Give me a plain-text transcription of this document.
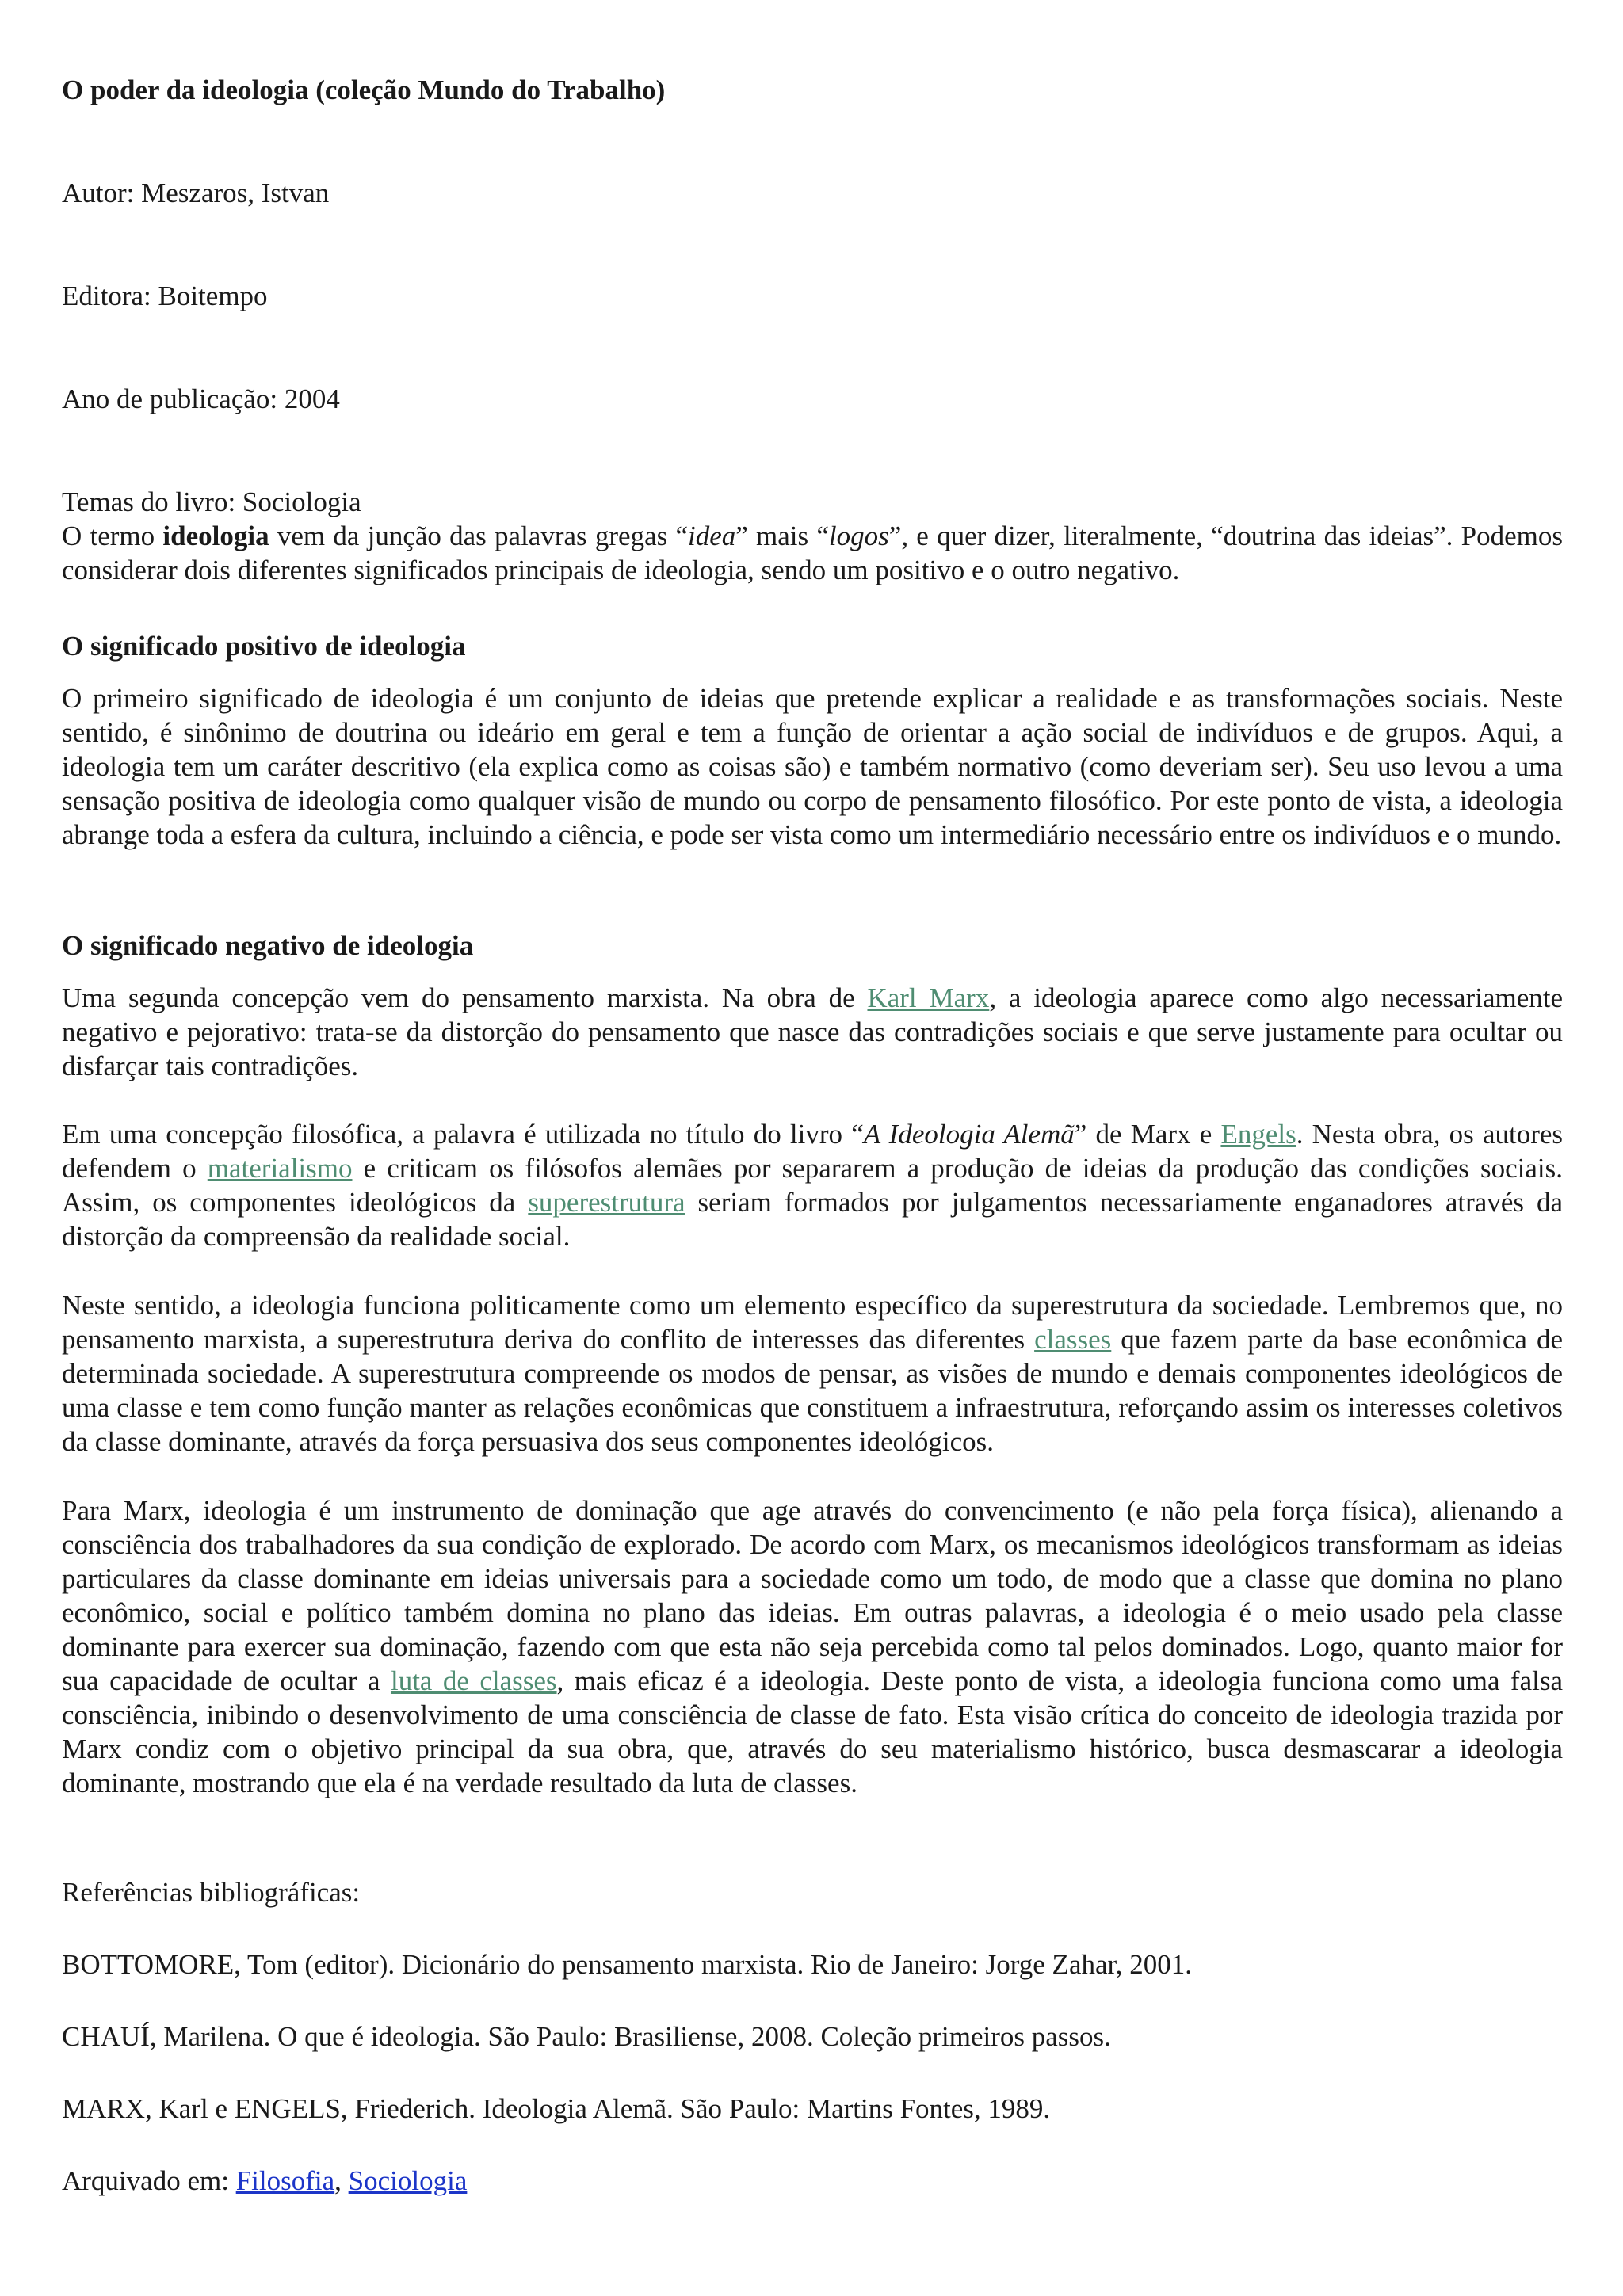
O poder da ideologia (coleção Mundo do Trabalho)

Autor: Meszaros, Istvan

Editora: Boitempo

Ano de publicação: 2004

Temas do livro: Sociologia

O termo ideologia vem da junção das palavras gregas “idea” mais “logos”, e quer dizer, literalmente, “doutrina das ideias”. Podemos considerar dois diferentes significados principais de ideologia, sendo um positivo e o outro negativo.

O significado positivo de ideologia

O primeiro significado de ideologia é um conjunto de ideias que pretende explicar a realidade e as transformações sociais. Neste sentido, é sinônimo de doutrina ou ideário em geral e tem a função de orientar a ação social de indivíduos e de grupos. Aqui, a ideologia tem um caráter descritivo (ela explica como as coisas são) e também normativo (como deveriam ser). Seu uso levou a uma sensação positiva de ideologia como qualquer visão de mundo ou corpo de pensamento filosófico. Por este ponto de vista, a ideologia abrange toda a esfera da cultura, incluindo a ciência, e pode ser vista como um intermediário necessário entre os indivíduos e o mundo.

O significado negativo de ideologia

Uma segunda concepção vem do pensamento marxista. Na obra de Karl Marx, a ideologia aparece como algo necessariamente negativo e pejorativo: trata-se da distorção do pensamento que nasce das contradições sociais e que serve justamente para ocultar ou disfarçar tais contradições.

Em uma concepção filosófica, a palavra é utilizada no título do livro “A Ideologia Alemã” de Marx e Engels. Nesta obra, os autores defendem o materialismo e criticam os filósofos alemães por separarem a produção de ideias da produção das condições sociais. Assim, os componentes ideológicos da superestrutura seriam formados por julgamentos necessariamente enganadores através da distorção da compreensão da realidade social.

Neste sentido, a ideologia funciona politicamente como um elemento específico da superestrutura da sociedade. Lembremos que, no pensamento marxista, a superestrutura deriva do conflito de interesses das diferentes classes que fazem parte da base econômica de determinada sociedade. A superestrutura compreende os modos de pensar, as visões de mundo e demais componentes ideológicos de uma classe e tem como função manter as relações econômicas que constituem a infraestrutura, reforçando assim os interesses coletivos da classe dominante, através da força persuasiva dos seus componentes ideológicos.

Para Marx, ideologia é um instrumento de dominação que age através do convencimento (e não pela força física), alienando a consciência dos trabalhadores da sua condição de explorado. De acordo com Marx, os mecanismos ideológicos transformam as ideias particulares da classe dominante em ideias universais para a sociedade como um todo, de modo que a classe que domina no plano econômico, social e político também domina no plano das ideias. Em outras palavras, a ideologia é o meio usado pela classe dominante para exercer sua dominação, fazendo com que esta não seja percebida como tal pelos dominados. Logo, quanto maior for sua capacidade de ocultar a luta de classes, mais eficaz é a ideologia. Deste ponto de vista, a ideologia funciona como uma falsa consciência, inibindo o desenvolvimento de uma consciência de classe de fato. Esta visão crítica do conceito de ideologia trazida por Marx condiz com o objetivo principal da sua obra, que, através do seu materialismo histórico, busca desmascarar a ideologia dominante, mostrando que ela é na verdade resultado da luta de classes.

Referências bibliográficas:

BOTTOMORE, Tom (editor). Dicionário do pensamento marxista. Rio de Janeiro: Jorge Zahar, 2001.

CHAUÍ, Marilena. O que é ideologia. São Paulo: Brasiliense, 2008. Coleção primeiros passos.

MARX, Karl e ENGELS, Friederich. Ideologia Alemã. São Paulo: Martins Fontes, 1989.

Arquivado em: Filosofia, Sociologia
